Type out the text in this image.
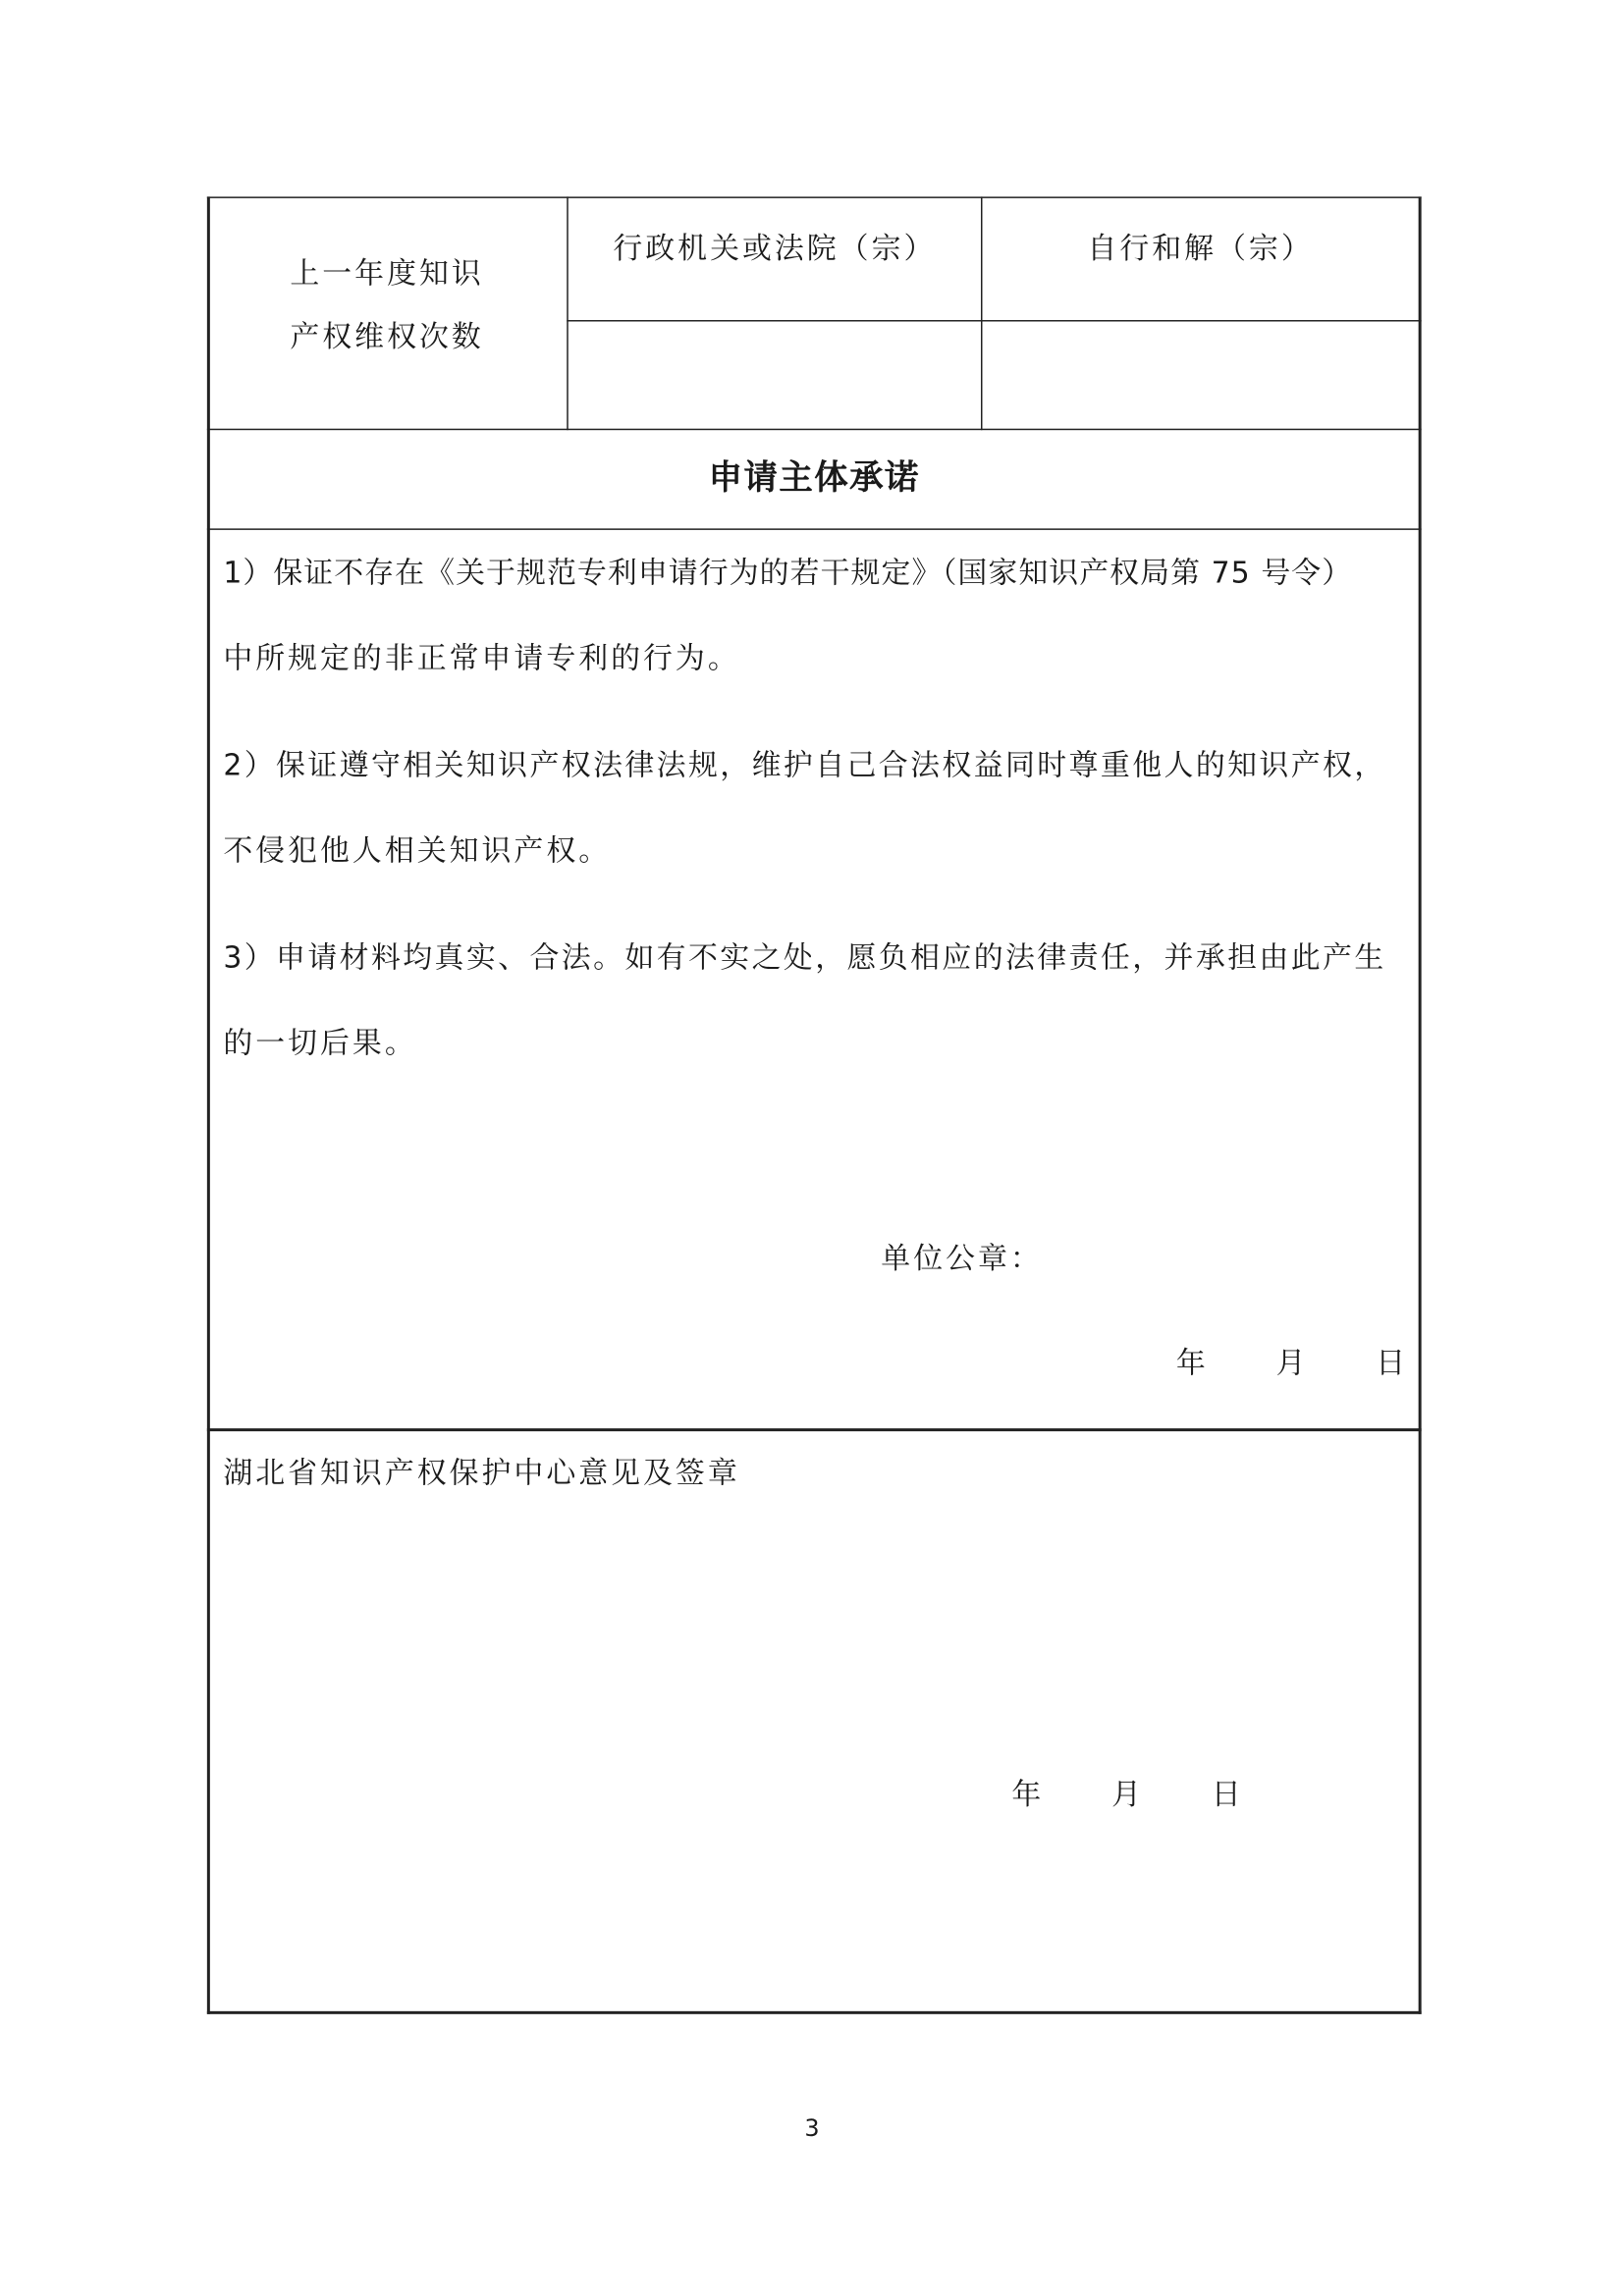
上一年度知识
产权维权次数
行政机关或法院（宗）	自行和解（宗）
申请主体承诺
1）保证不存在《关于规范专利申请行为的若干规定》（国家知识产权局第 75 号令）
中所规定的非正常申请专利的行为。
2）保证遵守相关知识产权法律法规，维护自己合法权益同时尊重他人的知识产权，
不侵犯他人相关知识产权。
3）申请材料均真实、合法。如有不实之处，愿负相应的法律责任，并承担由此产生
的一切后果。
单位公章：
年	月	日
湖北省知识产权保护中心意见及签章
年	月	日
3
